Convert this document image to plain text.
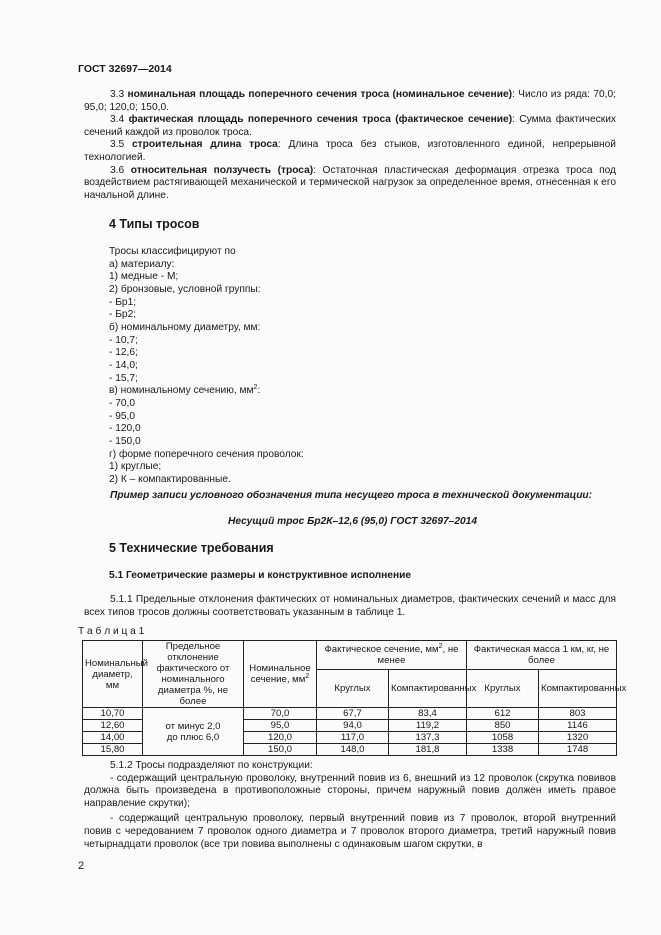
ГОСТ 32697—2014

3.3 номинальная площадь поперечного сечения троса (номинальное сечение): Число из ряда: 70,0; 95,0; 120,0; 150,0.

3.4 фактическая площадь поперечного сечения троса (фактическое сечение): Сумма фактических сечений каждой из проволок троса.

3.5 строительная длина троса: Длина троса без стыков, изготовленного единой, непрерывной технологией.

3.6 относительная ползучесть (троса): Остаточная пластическая деформация отрезка троса под воздействием растягивающей механической и термической нагрузок за определенное время, отнесенная к его начальной длине.

4 Типы тросов
Тросы классифицируют по
а) материалу:
1) медные - М;
2) бронзовые, условной группы:
- Бр1;
- Бр2;
б) номинальному диаметру, мм:
- 10,7;
- 12,6;
- 14,0;
- 15,7;
в) номинальному сечению, $мм^2$:
- 70,0
- 95,0
- 120,0
- 150,0
г) форме поперечного сечения проволок:
1) круглые;
2) К – компактированные.
Пример записи условного обозначения типа несущего троса в технической документации:
Несущий трос Бр2К–12,6 (95,0) ГОСТ 32697–2014
5 Технические требования
5.1 Геометрические размеры и конструктивное исполнение
5.1.1 Предельные отклонения фактических от номинальных диаметров, фактических сечений и масс для всех типов тросов должны соответствовать указанным в таблице 1.
Т а б л и ц а 1
Номинальный диаметр, мм	Предельное отклонение фактического от номинального диаметра %, не более	Номинальное сечение, $мм^2$	Фактическое сечение, $мм^2$, не менее		Фактическая масса 1 км, кг, не более	
			Круглых	Компактированных	Круглых	Компактированных
10,70	от минус 2,0
до плюс 6,0	70,0	67,7	83,4	612	803
12,60		95,0	94,0	119,2	850	1146
14,00		120,0	117,0	137,3	1058	1320
15,80		150,0	148,0	181,8	1338	1748

5.1.2 Тросы подразделяют по конструкции:

- содержащий центральную проволоку, внутренний повив из 6, внешний из 12 проволок (скрутка повивов должна быть произведена в противоположные стороны, причем наружный повив должен иметь правое направление скрутки);

- содержащий центральную проволоку, первый внутренний повив из 7 проволок, второй внутренний повив с чередованием 7 проволок одного диаметра и 7 проволок второго диаметра, третий наружный повив четырнадцати проволок (все три повива выполнены с одинаковым шагом скрутки, в

2
